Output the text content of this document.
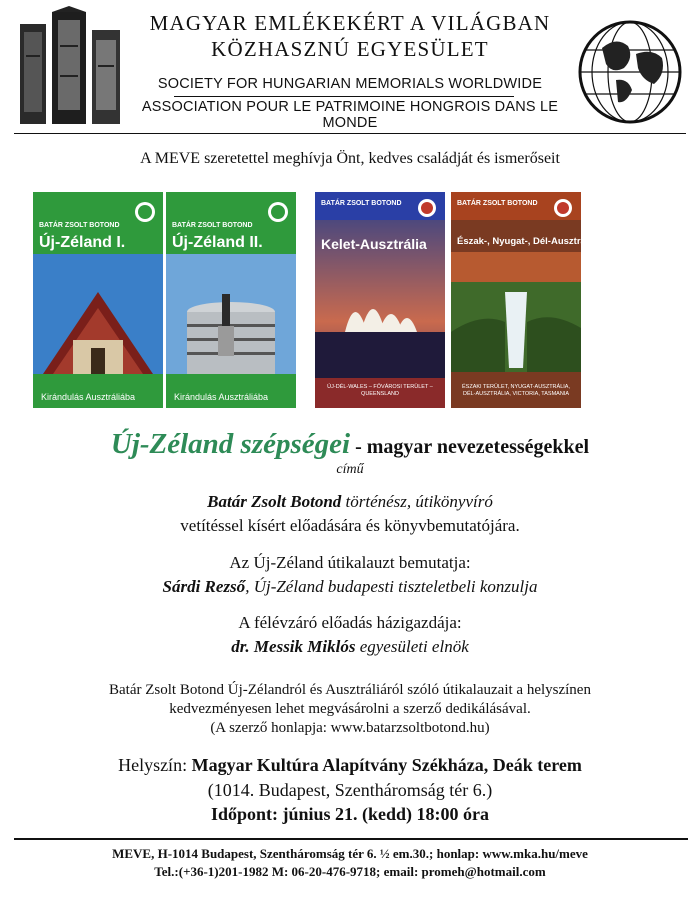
MAGYAR EMLÉKEKÉRT A VILÁGBAN
KÖZHASZNÚ EGYESÜLET
SOCIETY FOR HUNGARIAN MEMORIALS WORLDWIDE
ASSOCIATION POUR LE PATRIMOINE HONGROIS DANS LE MONDE
A MEVE szeretettel meghívja Önt, kedves családját és ismerőseit
BATÁR ZSOLT BOTOND
Új-Zéland I.
Kirándulás Ausztráliába
BATÁR ZSOLT BOTOND
Új-Zéland II.
Kirándulás Ausztráliába
BATÁR ZSOLT BOTOND
Kelet-Ausztrália
ÚJ-DÉL-WALES – FŐVÁROSI TERÜLET – QUEENSLAND
BATÁR ZSOLT BOTOND
Észak-, Nyugat-, Dél-Ausztrália
ÉSZAKI TERÜLET, NYUGAT-AUSZTRÁLIA, DÉL-AUSZTRÁLIA, VICTORIA, TASMANIA
Új-Zéland szépségei - magyar nevezetességekkel
című
Batár Zsolt Botond történész, útikönyvíró
vetítéssel kísért előadására és könyvbemutatójára.
Az Új-Zéland útikalauzt bemutatja:
Sárdi Rezső, Új-Zéland budapesti tiszteletbeli konzulja
A félévzáró előadás házigazdája:
dr. Messik Miklós egyesületi elnök
Batár Zsolt Botond Új-Zélandról és Ausztráliáról szóló útikalauzait a helyszínen
kedvezményesen lehet megvásárolni a szerző dedikálásával.
(A szerző honlapja: www.batarzsoltbotond.hu)
Helyszín: Magyar Kultúra Alapítvány Székháza, Deák terem
(1014. Budapest, Szentháromság tér 6.)
Időpont: június 21. (kedd) 18:00 óra
MEVE, H-1014 Budapest, Szentháromság tér 6. ½ em.30.; honlap: www.mka.hu/meve
Tel.:(+36-1)201-1982 M: 06-20-476-9718; email: promeh@hotmail.com
